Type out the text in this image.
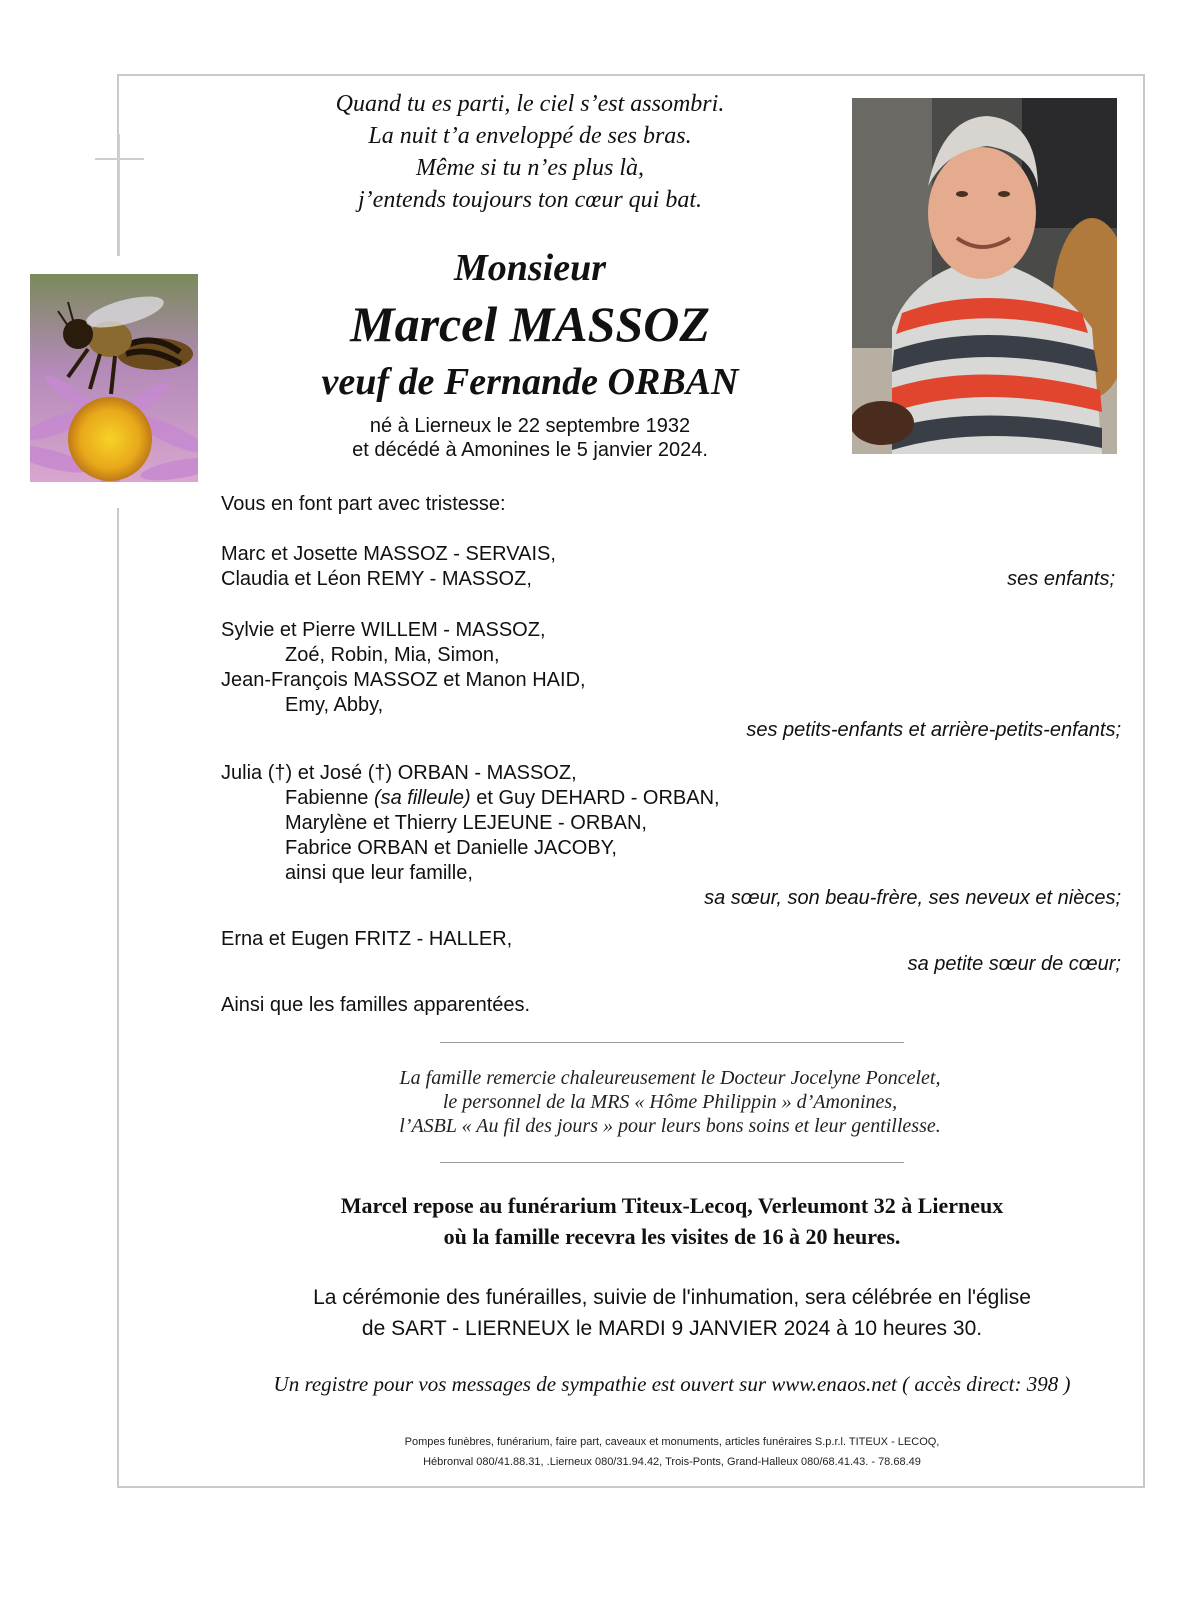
Quand tu es parti, le ciel s’est assombri.
La nuit t’a enveloppé de ses bras.
Même si tu n’es plus là,
j’entends toujours ton cœur qui bat.
Monsieur
Marcel MASSOZ
veuf de Fernande ORBAN
né à Lierneux le 22 septembre 1932
et décédé à Amonines le 5 janvier 2024.
Vous en font part avec tristesse:
Marc et Josette MASSOZ - SERVAIS,
Claudia et Léon REMY - MASSOZ,	ses enfants;
Sylvie et Pierre WILLEM - MASSOZ,
Zoé, Robin, Mia, Simon,
Jean-François MASSOZ et Manon HAID,
Emy, Abby,
ses petits-enfants et arrière-petits-enfants;
Julia (†) et José (†) ORBAN - MASSOZ,
Fabienne (sa filleule) et Guy DEHARD - ORBAN,
Marylène et Thierry LEJEUNE - ORBAN,
Fabrice ORBAN et Danielle JACOBY,
ainsi que leur famille,
sa sœur, son beau-frère, ses neveux et nièces;
Erna et Eugen FRITZ - HALLER,
sa petite sœur de cœur;
Ainsi que les familles apparentées.
La famille remercie chaleureusement le Docteur Jocelyne Poncelet,
le personnel de la MRS « Hôme Philippin » d’Amonines,
l’ASBL « Au fil des jours » pour leurs bons soins et leur gentillesse.
Marcel repose au funérarium Titeux-Lecoq, Verleumont 32 à Lierneux
où la famille recevra les visites de 16 à 20 heures.
La cérémonie des funérailles, suivie de l'inhumation, sera célébrée en l'église
de SART - LIERNEUX le MARDI 9 JANVIER 2024 à 10 heures 30.
Un registre pour vos messages de sympathie est ouvert sur www.enaos.net ( accès direct: 398 )
Pompes funèbres, funérarium, faire part, caveaux et monuments, articles funéraires S.p.r.l. TITEUX - LECOQ,
Hébronval 080/41.88.31, .Lierneux 080/31.94.42, Trois-Ponts, Grand-Halleux 080/68.41.43. - 78.68.49
